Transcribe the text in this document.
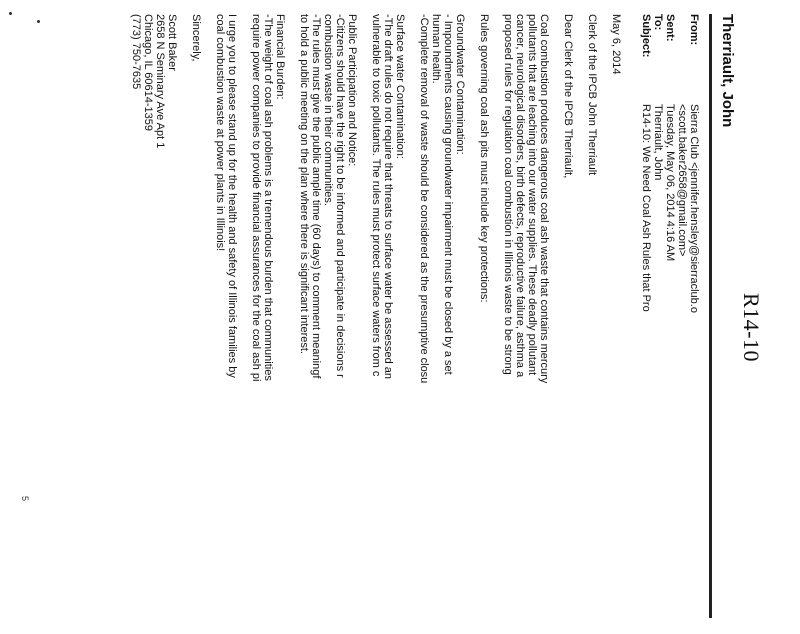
R14-10
Therriault, John
From:
Sierra Club <jennifer.hensley@sierraclub.o
<scott.baker2658@gmail.com>
Sent:
Tuesday, May 06, 2014 4:16 AM
To:
Therriault, John
Subject:
R14-10: We Need Coal Ash Rules that Pro

May 6, 2014

Clerk of the IPCB John Therriault

Dear Clerk of the IPCB Therriault,

Coal combustion produces dangerous coal ash waste that contains mercury
pollutants that are leaching into our water supplies. These deadly pollutant
cancer, neurological disorders, birth defects, reproductive failure, asthma a
proposed rules for regulation coal combustion in Illinois waste to be strong

Rules governing coal ash pits must include key protections:

Groundwater Contamination:
- Impoundments causing groundwater impairment must be closed by a set
human health.
-Complete removal of waste should be considered as the presumptive closu
Surface water Contamination:
-The draft rules do not require that threats to surface water be assessed an
vulnerable to toxic pollutants. The rules must protect surface waters from c
Public Participation and Notice:
-Citizens should have the right to be informed and participate in decisions r
combustion waste in their communities.
-The rules must give the public ample time (60 days) to comment meaningf
to hold a public meeting on the plan where there is significant interest.
Financial Burden:
-The weight of coal ash problems is a tremendous burden that communities
require power companies to provide financial assurances for the coal ash pi
I urge you to please stand up for the health and safety of Illinois families by
coal combustion waste at power plants in Illinois!

Sincerely,

Scott Baker
2658 N Seminary Ave Apt 1
Chicago, IL 60614-1359
(773) 750-7635
5
